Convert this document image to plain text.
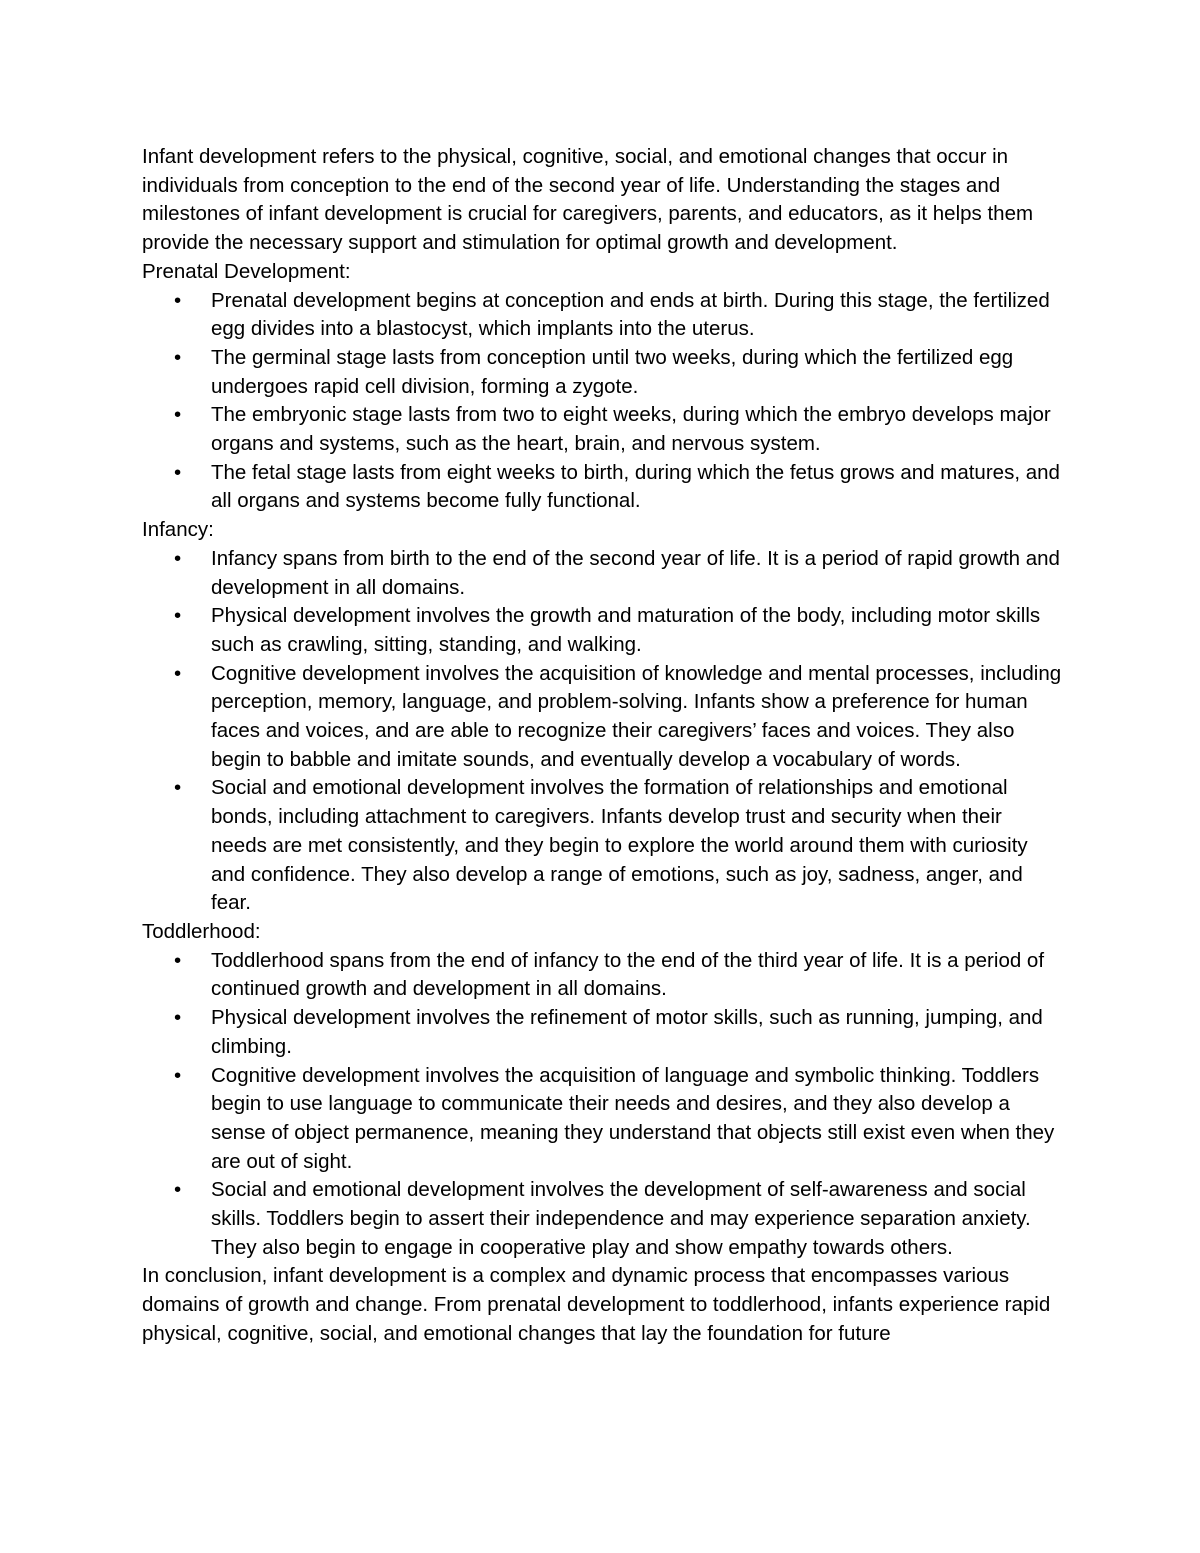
Infant development refers to the physical, cognitive, social, and emotional changes that occur in individuals from conception to the end of the second year of life. Understanding the stages and milestones of infant development is crucial for caregivers, parents, and educators, as it helps them provide the necessary support and stimulation for optimal growth and development.

Prenatal Development:

• Prenatal development begins at conception and ends at birth. During this stage, the fertilized egg divides into a blastocyst, which implants into the uterus.
• The germinal stage lasts from conception until two weeks, during which the fertilized egg undergoes rapid cell division, forming a zygote.
• The embryonic stage lasts from two to eight weeks, during which the embryo develops major organs and systems, such as the heart, brain, and nervous system.
• The fetal stage lasts from eight weeks to birth, during which the fetus grows and matures, and all organs and systems become fully functional.

Infancy:

• Infancy spans from birth to the end of the second year of life. It is a period of rapid growth and development in all domains.
• Physical development involves the growth and maturation of the body, including motor skills such as crawling, sitting, standing, and walking.
• Cognitive development involves the acquisition of knowledge and mental processes, including perception, memory, language, and problem-solving. Infants show a preference for human faces and voices, and are able to recognize their caregivers’ faces and voices. They also begin to babble and imitate sounds, and eventually develop a vocabulary of words.
• Social and emotional development involves the formation of relationships and emotional bonds, including attachment to caregivers. Infants develop trust and security when their needs are met consistently, and they begin to explore the world around them with curiosity and confidence. They also develop a range of emotions, such as joy, sadness, anger, and fear.

Toddlerhood:

• Toddlerhood spans from the end of infancy to the end of the third year of life. It is a period of continued growth and development in all domains.
• Physical development involves the refinement of motor skills, such as running, jumping, and climbing.
• Cognitive development involves the acquisition of language and symbolic thinking. Toddlers begin to use language to communicate their needs and desires, and they also develop a sense of object permanence, meaning they understand that objects still exist even when they are out of sight.
• Social and emotional development involves the development of self-awareness and social skills. Toddlers begin to assert their independence and may experience separation anxiety. They also begin to engage in cooperative play and show empathy towards others.

In conclusion, infant development is a complex and dynamic process that encompasses various domains of growth and change. From prenatal development to toddlerhood, infants experience rapid physical, cognitive, social, and emotional changes that lay the foundation for future
